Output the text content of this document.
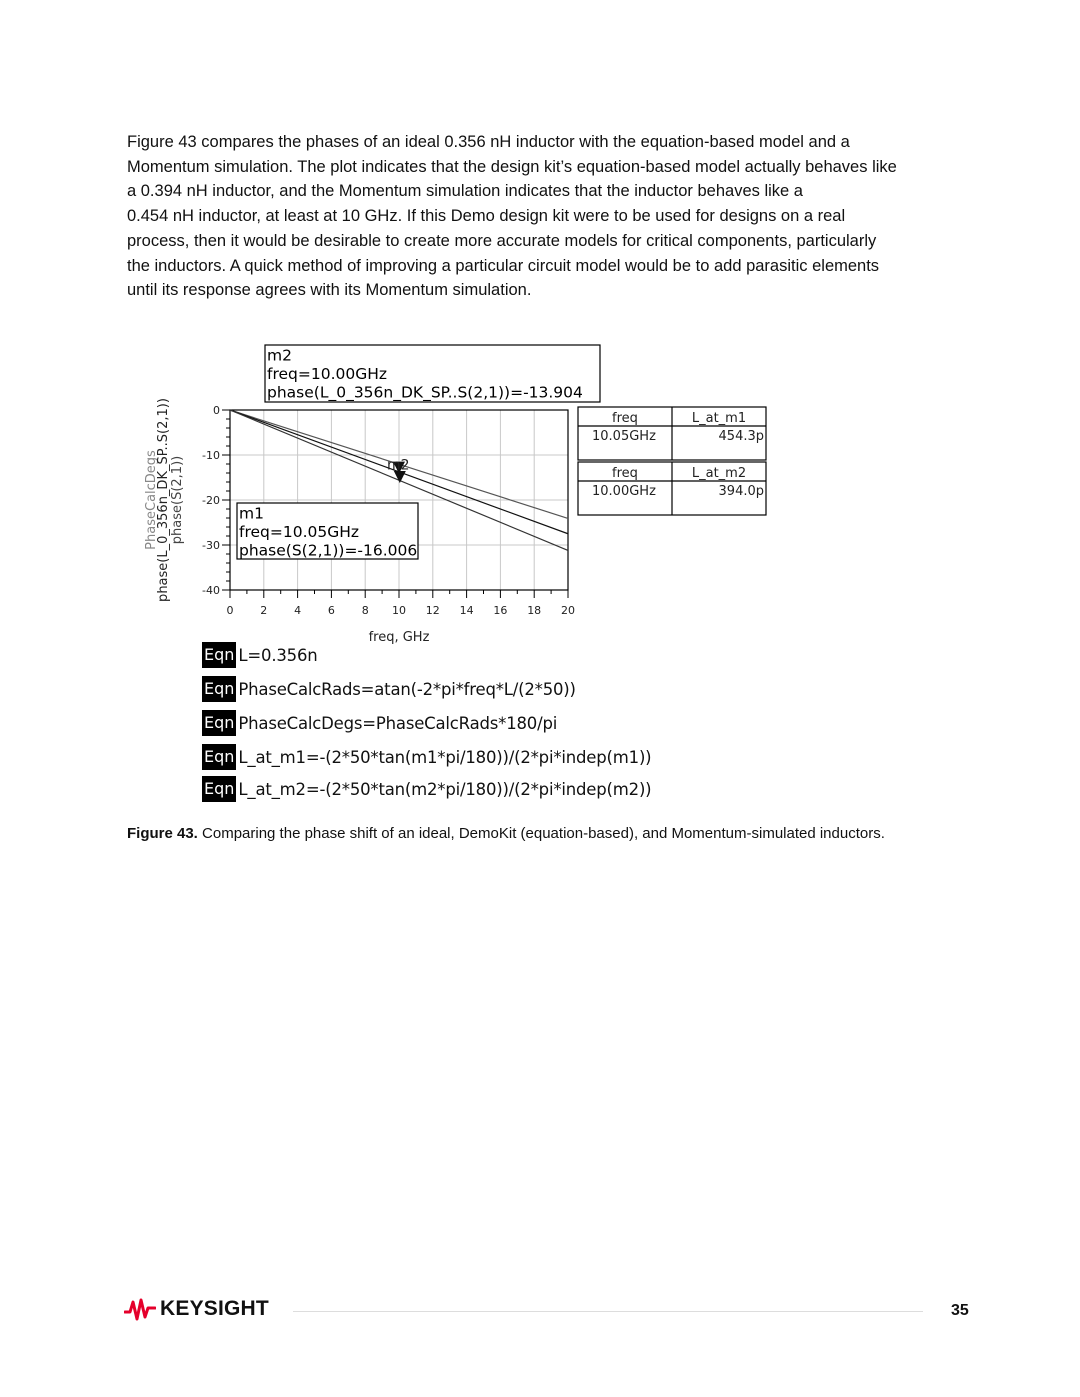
Figure 43 compares the phases of an ideal 0.356 nH inductor with the equation-based model and a
Momentum simulation. The plot indicates that the design kit’s equation-based model actually behaves like
a 0.394 nH inductor, and the Momentum simulation indicates that the inductor behaves like a
0.454 nH inductor, at least at 10 GHz. If this Demo design kit were to be used for designs on a real
process, then it would be desirable to create more accurate models for critical components, particularly
the inductors. A quick method of improving a particular circuit model would be to add parasitic elements
until its response agrees with its Momentum simulation.
0 2 4 6 8 10 12 14 16 18 20
0
-10
-20
-30
-40
freq, GHz
PhaseCalcDegs
phase(L_0_356n_DK_SP..S(2,1)) phase(S(2,1))	m2
m2
freq=10.00GHz
phase(L_0_356n_DK_SP..S(2,1))=-13.904
m1
freq=10.05GHz
phase(S(2,1))=-16.006
freq	L_at_m1
10.05GHz	454.3p
freq	L_at_m2
10.00GHz	394.0p
Eqn L=0.356n
Eqn PhaseCalcRads=atan(-2*pi*freq*L/(2*50))
Eqn PhaseCalcDegs=PhaseCalcRads*180/pi
Eqn L_at_m1=-(2*50*tan(m1*pi/180))/(2*pi*indep(m1))
Eqn L_at_m2=-(2*50*tan(m2*pi/180))/(2*pi*indep(m2))
Figure 43. Comparing the phase shift of an ideal, DemoKit (equation-based), and Momentum-simulated inductors.
KEYSIGHT	35
